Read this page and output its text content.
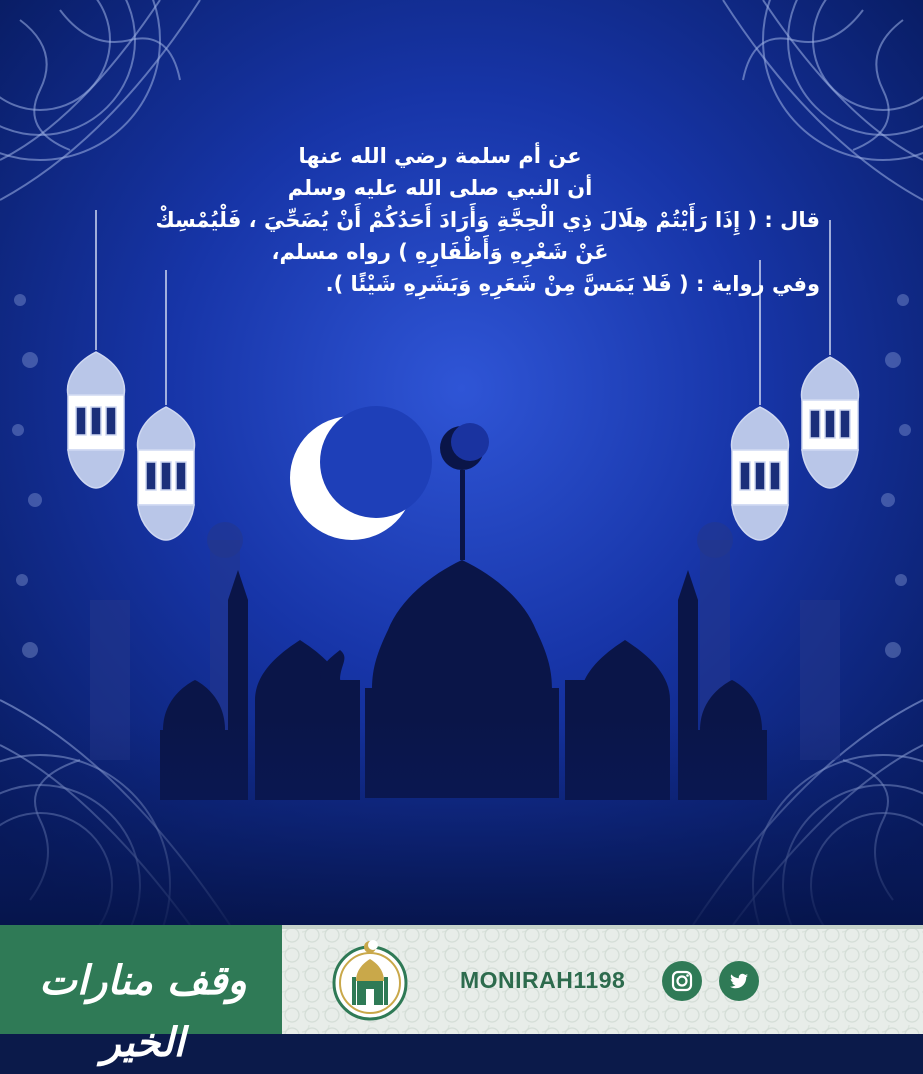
عن أم سلمة رضي الله عنها

أن النبي صلى الله عليه وسلم

قال : ( إِذَا رَأَيْتُمْ هِلَالَ ذِي الْحِجَّةِ وَأَرَادَ أَحَدُكُمْ أَنْ يُضَحِّيَ ، فَلْيُمْسِكْ

عَنْ شَعْرِهِ وَأَظْفَارِهِ ) رواه مسلم،

وفي رواية : ( فَلا يَمَسَّ مِنْ شَعَرِهِ وَبَشَرِهِ شَيْئًا ).

وقف منارات الخير
MONIRAH1198
